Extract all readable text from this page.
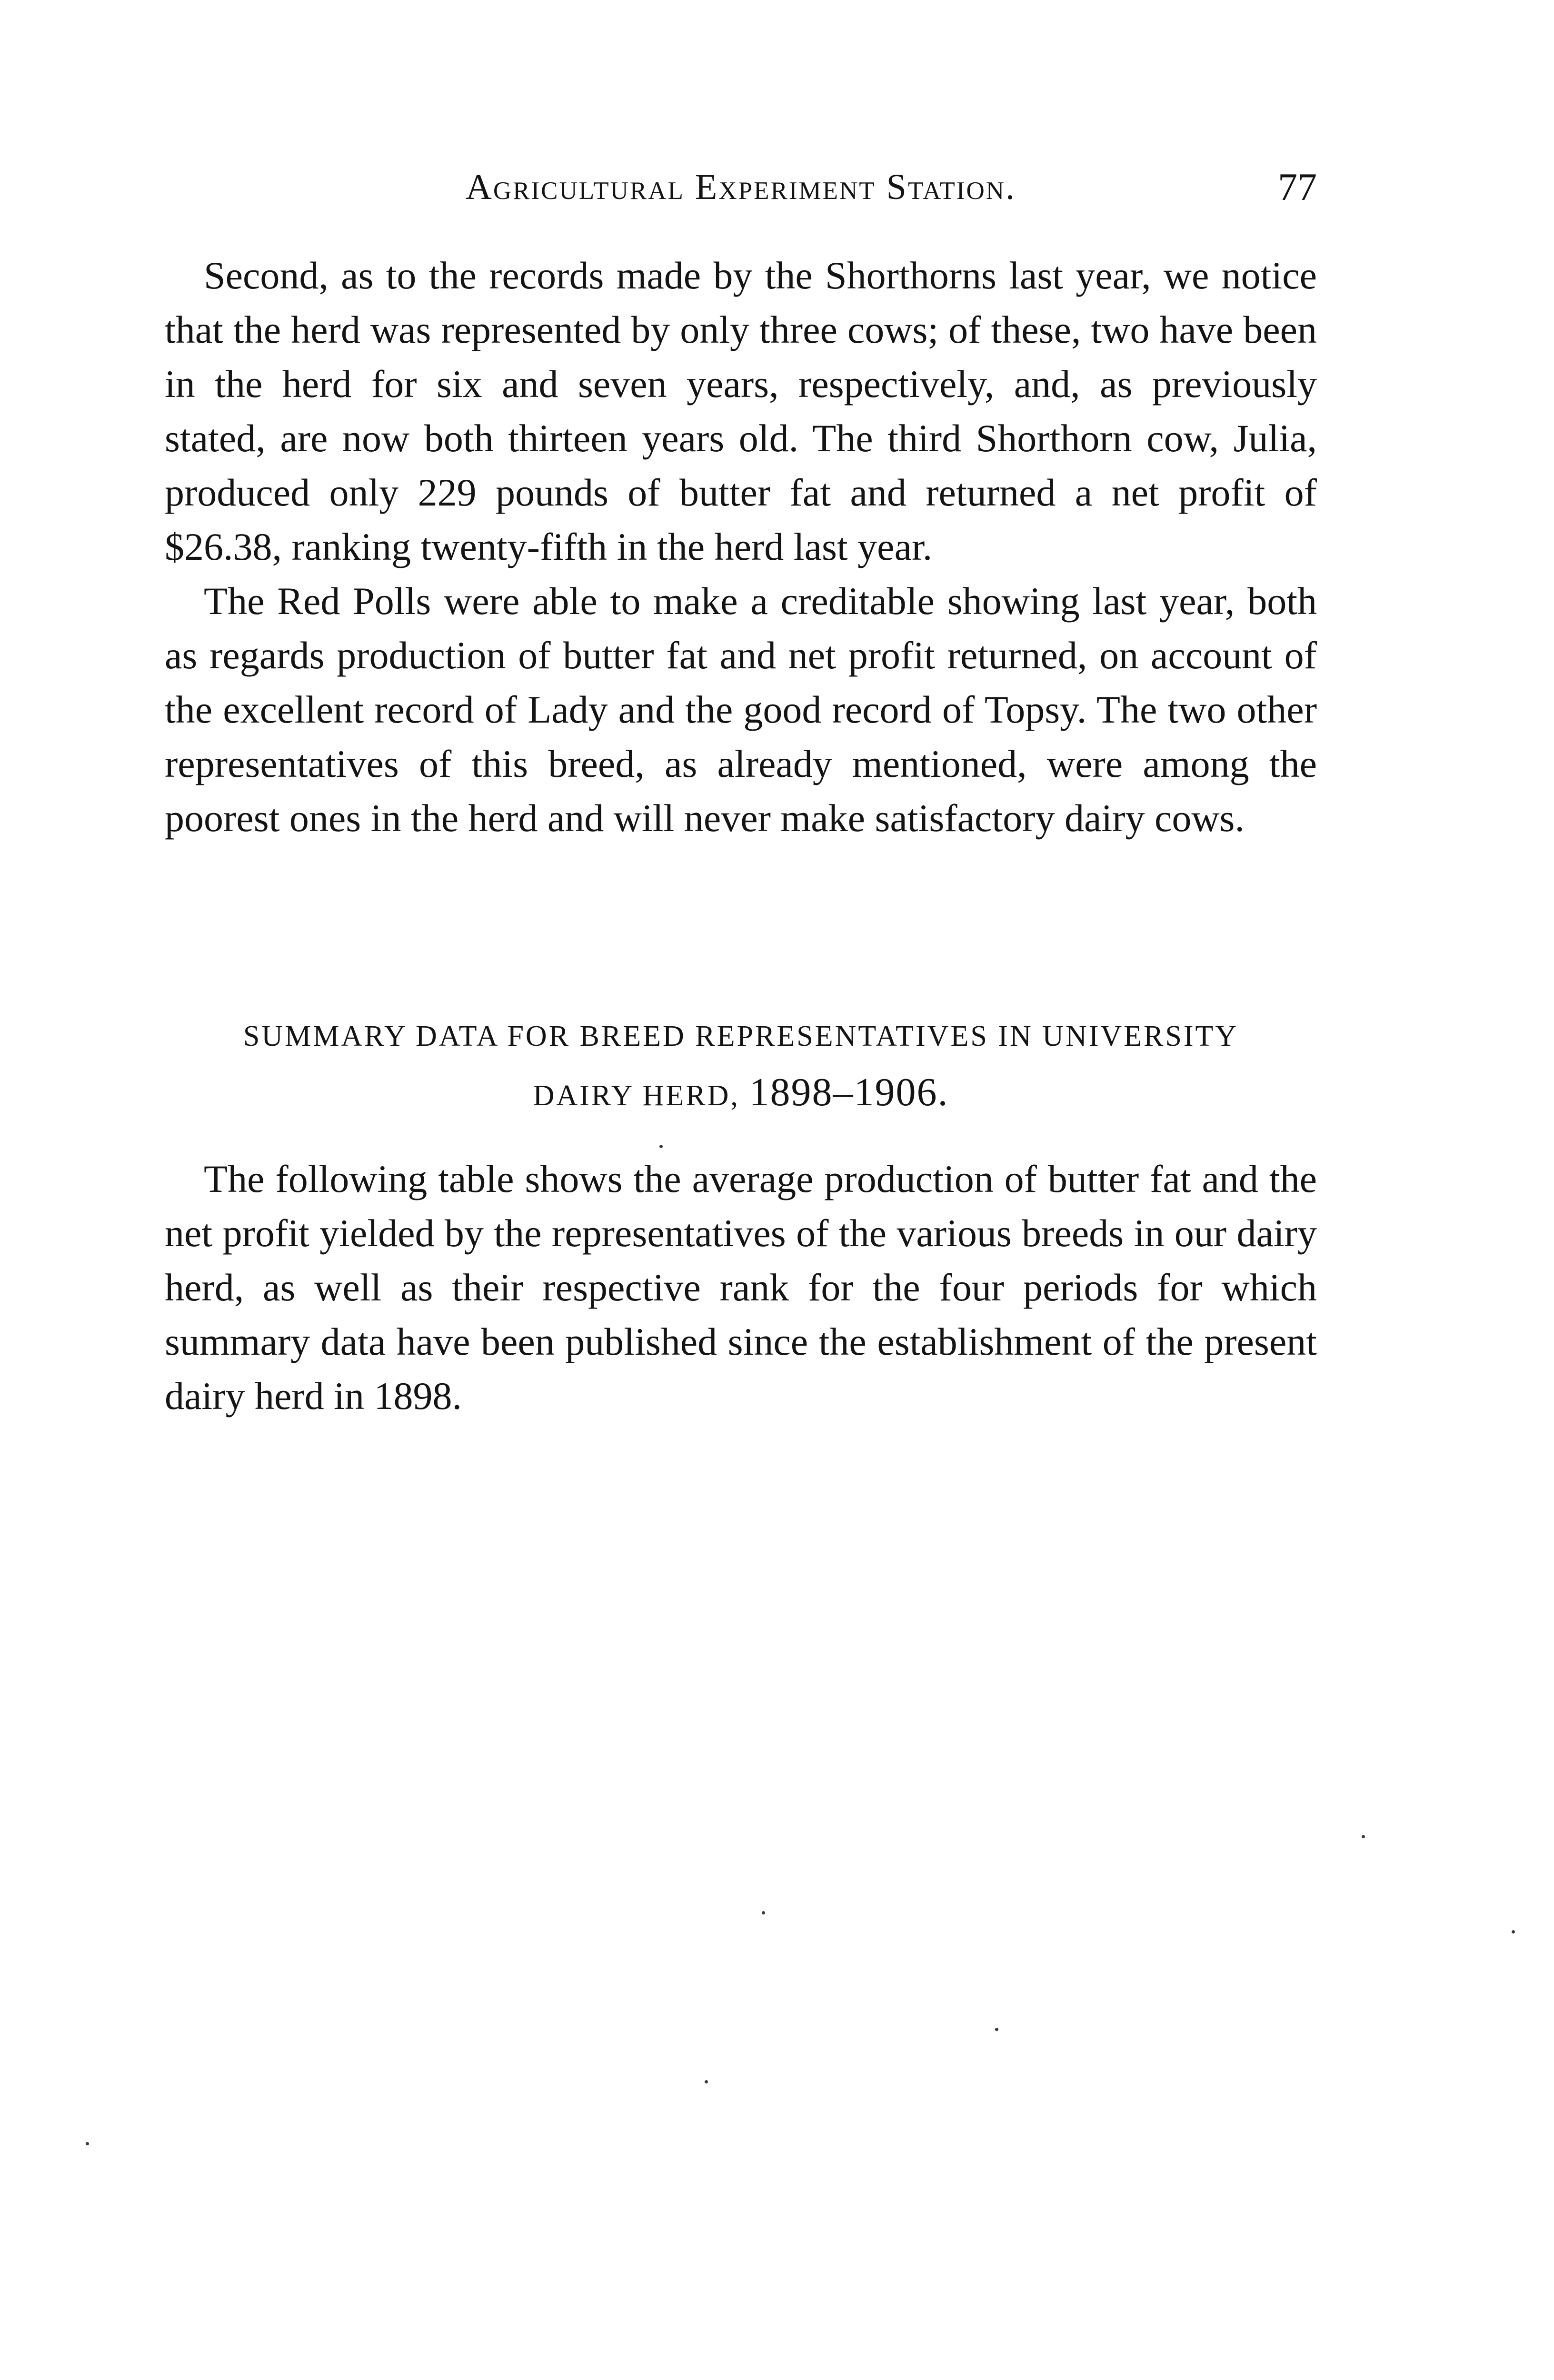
Agricultural Experiment Station.	77

Second, as to the records made by the Shorthorns last year, we notice that the herd was represented by only three cows; of these, two have been in the herd for six and seven years, respectively, and, as previously stated, are now both thirteen years old. The third Shorthorn cow, Julia, produced only 229 pounds of butter fat and returned a net profit of $26.38, ranking twenty-fifth in the herd last year.

The Red Polls were able to make a creditable showing last year, both as regards production of butter fat and net profit returned, on account of the excellent record of Lady and the good record of Topsy. The two other representatives of this breed, as already mentioned, were among the poorest ones in the herd and will never make satisfactory dairy cows.

SUMMARY DATA FOR BREED REPRESENTATIVES IN UNIVERSITY
DAIRY HERD, 1898–1906.

The following table shows the average production of butter fat and the net profit yielded by the representatives of the various breeds in our dairy herd, as well as their respective rank for the four periods for which summary data have been published since the establishment of the present dairy herd in 1898.
